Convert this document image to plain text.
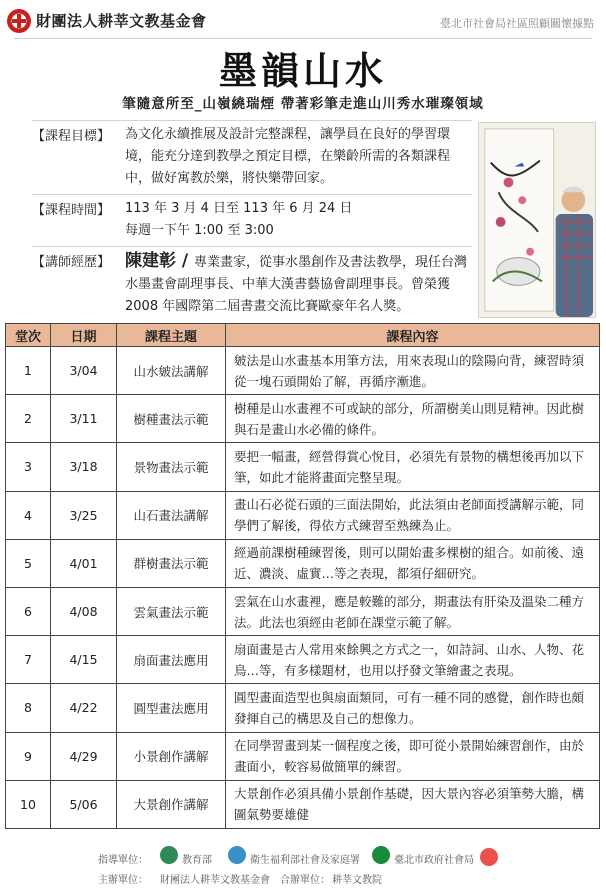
財團法人耕莘文教基金會	臺北市社會局社區照顧關懷據點
墨韻山水
筆隨意所至_山嶺繞瑞煙 帶著彩筆走進山川秀水璀璨領域
【課程目標】 為文化永續推展及設計完整課程，讓學員在良好的學習環境，能充分達到教學之預定目標，在樂齡所需的各類課程中，做好寓教於樂，將快樂帶回家。
【課程時間】 113 年 3 月 4 日至 113 年 6 月 24 日
每週一下午 1:00 至 3:00
【講師經歷】 陳建彰 / 專業畫家，從事水墨創作及書法教學，現任台灣水墨畫會副理事長、中華大漢書藝協會副理事長。曾榮獲2008 年國際第二屆書畫交流比賽歐豪年名人獎。
堂次	日期	課程主題	課程內容
1	3/04	山水皴法講解	皴法是山水畫基本用筆方法，用來表現山的陰陽向背，練習時須從一塊石頭開始了解，再循序漸進。
2	3/11	樹種畫法示範	樹種是山水畫裡不可或缺的部分，所謂樹美山則見精神。因此樹與石是畫山水必備的條件。
3	3/18	景物畫法示範	要把一幅畫，經營得賞心悅目，必須先有景物的構想後再加以下筆，如此才能將畫面完整呈現。
4	3/25	山石畫法講解	畫山石必從石頭的三面法開始，此法須由老師面授講解示範，同學們了解後，得依方式練習至熟練為止。
5	4/01	群樹畫法示範	經過前課樹種練習後，則可以開始畫多棵樹的組合。如前後、遠近、濃淡、虛實…等之表現，都須仔細研究。
6	4/08	雲氣畫法示範	雲氣在山水畫裡，應是較難的部分，期畫法有肝染及溫染二種方法。此法也須經由老師在課堂示範了解。
7	4/15	扇面畫法應用	扇面畫是古人常用來餘興之方式之一，如詩詞、山水、人物、花鳥…等，有多樣題材，也用以抒發文筆繪畫之表現。
8	4/22	圓型畫法應用	圓型畫面造型也與扇面類同，可有一種不同的感覺，創作時也頗發揮自己的構思及自己的想像力。
9	4/29	小景創作講解	在同學習畫到某一個程度之後，即可從小景開始練習創作，由於畫面小，較容易做簡單的練習。
10	5/06	大景創作講解	大景創作必須具備小景創作基礎，因大景內容必須筆勢大膽，構圖氣勢要雄健
指導單位：	教育部	衛生福利部社會及家庭署	臺北市政府社會局
主辦單位： 財團法人耕莘文教基金會 合辦單位： 耕莘文教院
